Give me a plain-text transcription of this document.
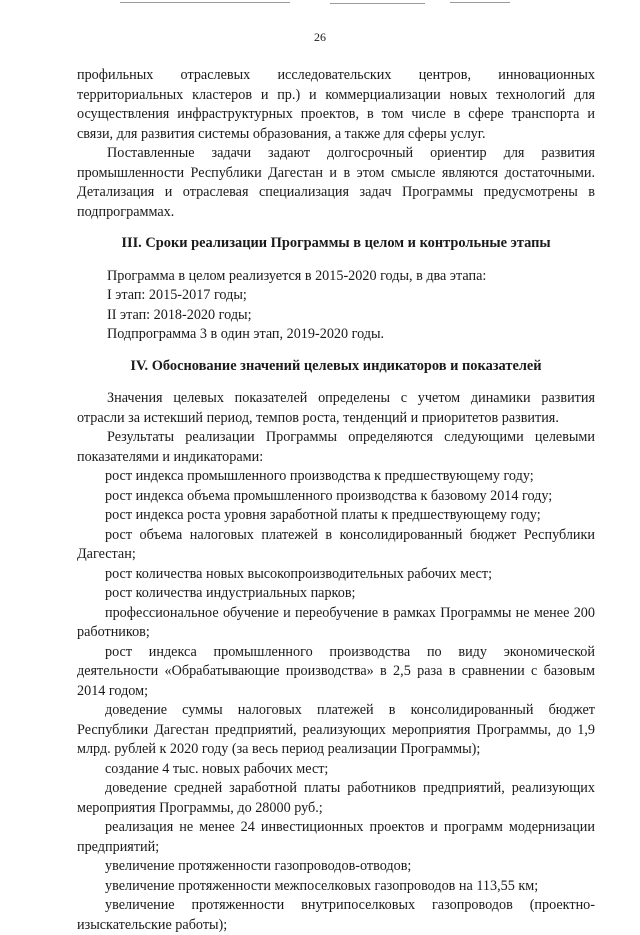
26

профильных отраслевых исследовательских центров, инновационных территориальных кластеров и пр.) и коммерциализации новых технологий для осуществления инфраструктурных проектов, в том числе в сфере транспорта и связи, для развития системы образования, а также для сферы услуг.

Поставленные задачи задают долгосрочный ориентир для развития промышленности Республики Дагестан и в этом смысле являются достаточными. Детализация и отраслевая специализация задач Программы предусмотрены в подпрограммах.

III. Сроки реализации Программы в целом и контрольные этапы

Программа в целом реализуется в 2015-2020 годы, в два этапа:

I этап: 2015-2017 годы;

II этап: 2018-2020 годы;

Подпрограмма 3 в один этап, 2019-2020 годы.

IV. Обоснование значений целевых индикаторов и показателей

Значения целевых показателей определены с учетом динамики развития отрасли за истекший период, темпов роста, тенденций и приоритетов развития.

Результаты реализации Программы определяются следующими целевыми показателями и индикаторами:

рост индекса промышленного производства к предшествующему году;

рост индекса объема промышленного производства к базовому 2014 году;

рост индекса роста уровня заработной платы к предшествующему году;

рост объема налоговых платежей в консолидированный бюджет Республики Дагестан;

рост количества новых высокопроизводительных рабочих мест;

рост количества индустриальных парков;

профессиональное обучение и переобучение в рамках Программы не менее 200 работников;

рост индекса промышленного производства по виду экономической деятельности «Обрабатывающие производства» в 2,5 раза в сравнении с базовым 2014 годом;

доведение суммы налоговых платежей в консолидированный бюджет Республики Дагестан предприятий, реализующих мероприятия Программы, до 1,9 млрд. рублей к 2020 году (за весь период реализации Программы);

создание 4 тыс. новых рабочих мест;

доведение средней заработной платы работников предприятий, реализующих мероприятия Программы, до 28000 руб.;

реализация не менее 24 инвестиционных проектов и программ модернизации предприятий;

увеличение протяженности газопроводов-отводов;

увеличение протяженности межпоселковых газопроводов на 113,55 км;

увеличение протяженности внутрипоселковых газопроводов (проектно-изыскательские работы);
